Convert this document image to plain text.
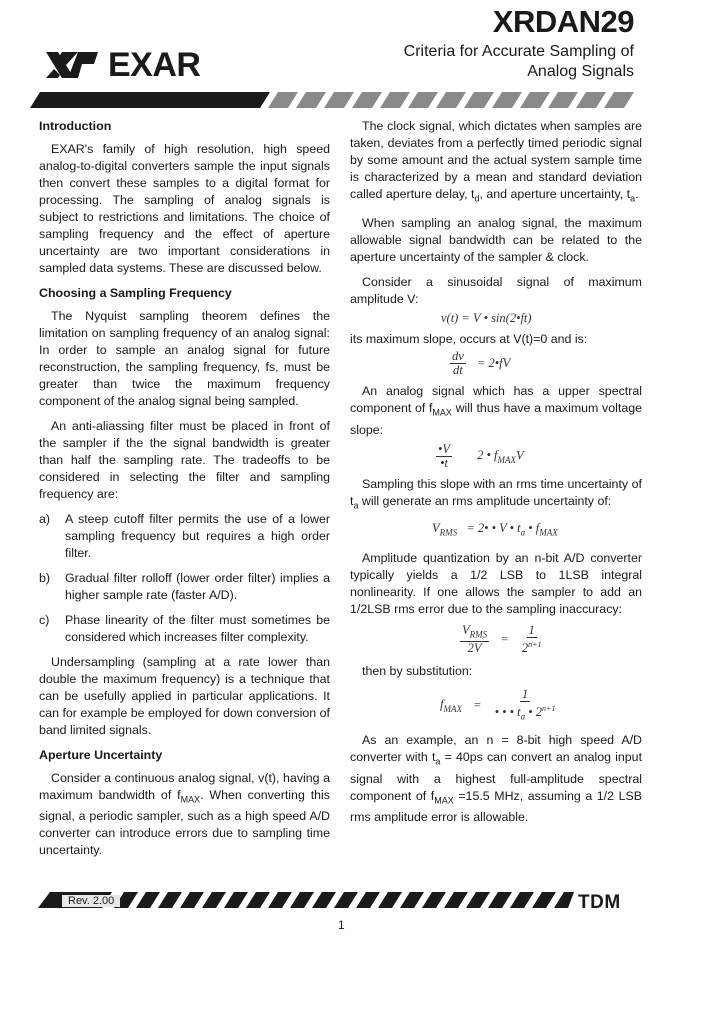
EXAR
XRDAN29
Criteria for Accurate Sampling of
Analog Signals
Introduction

EXAR's family of high resolution, high speed analog-to-digital converters sample the input signals then convert these samples to a digital format for processing. The sampling of analog signals is subject to restrictions and limitations. The choice of sampling frequency and the effect of aperture uncertainty are two important considerations in sampled data systems. These are discussed below.

Choosing a Sampling Frequency

The Nyquist sampling theorem defines the limitation on sampling frequency of an analog signal: In order to sample an analog signal for future reconstruction, the sampling frequency, fs, must be greater than twice the maximum frequency component of the analog signal being sampled.

An anti-aliassing filter must be placed in front of the sampler if the the signal bandwidth is greater than half the sampling rate. The tradeoffs to be considered in selecting the filter and sampling frequency are:

a)	A steep cutoff filter permits the use of a lower sampling frequency but requires a high order filter.
b)	Gradual filter rolloff (lower order filter) implies a higher sample rate (faster A/D).
c)	Phase linearity of the filter must sometimes be considered which increases filter complexity.

Undersampling (sampling at a rate lower than double the maximum frequency) is a technique that can be usefully applied in particular applications. It can for example be employed for down conversion of band limited signals.

Aperture Uncertainty

Consider a continuous analog signal, v(t), having a maximum bandwidth of $f_{MAX}$. When converting this signal, a periodic sampler, such as a high speed A/D converter can introduce errors due to sampling time uncertainty.

The clock signal, which dictates when samples are taken, deviates from a perfectly timed periodic signal by some amount and the actual system sample time is characterized by a mean and standard deviation called aperture delay, $t_d$, and aperture uncertainty, $t_a$.

When sampling an analog signal, the maximum allowable signal bandwidth can be related to the aperture uncertainty of the sampler & clock.

Consider a sinusoidal signal of maximum amplitude V:

v(t) = V • sin(2•ft)

its maximum slope, occurs at V(t)=0 and is:

$\frac{dv}{dt}$ = 2•fV

An analog signal which has a upper spectral component of $f_{MAX}$ will thus have a maximum voltage slope:

$\frac{•V}{•t} 2$ • $f_{MAX}V$

Sampling this slope with an rms time uncertainty of $t_a$ will generate an rms amplitude uncertainty of:

$V_{RMS}$ = 2• • V • $t_a$ • $f_{MAX}$

Amplitude quantization by an n-bit A/D converter typically yields a 1/2 LSB to 1LSB integral nonlinearity. If one allows the sampler to add an 1/2LSB rms error due to the sampling inaccuracy:

$\frac{V_{RMS}}{2V} = \frac{1}{2^{n+1}}$

then by substitution:

$f_{MAX} = \frac{1}{• • • t_a • 2^{n+1}}$

As an example, an n = 8-bit high speed A/D converter with $t_a = 40ps$ can convert an analog input signal with a highest full-amplitude spectral component of $f_{MAX} =15.5$ MHz, assuming a 1/2 LSB rms amplitude error is allowable.

Rev. 2.00	TDM
1
